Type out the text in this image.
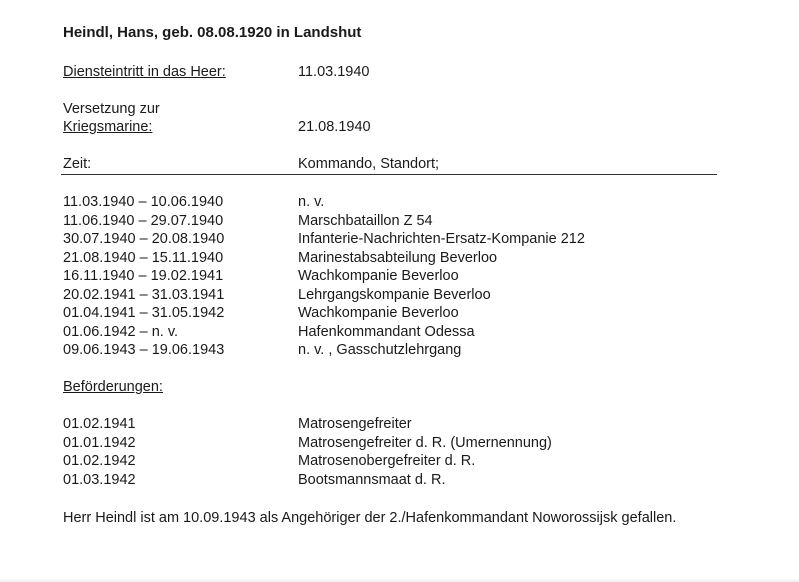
Heindl, Hans, geb. 08.08.1920 in Landshut
Diensteintritt in das Heer:	11.03.1940
Versetzung zur
Kriegsmarine:	21.08.1940
Zeit:	Kommando, Standort;
11.03.1940 – 10.06.1940	n. v.
11.06.1940 – 29.07.1940	Marschbataillon Z 54
30.07.1940 – 20.08.1940	Infanterie-Nachrichten-Ersatz-Kompanie 212
21.08.1940 – 15.11.1940	Marinestabsabteilung Beverloo
16.11.1940 – 19.02.1941	Wachkompanie Beverloo
20.02.1941 – 31.03.1941	Lehrgangskompanie Beverloo
01.04.1941 – 31.05.1942	Wachkompanie Beverloo
01.06.1942 – n. v.	Hafenkommandant Odessa
09.06.1943 – 19.06.1943	n. v. , Gasschutzlehrgang
Beförderungen:
01.02.1941	Matrosengefreiter
01.01.1942	Matrosengefreiter d. R. (Umernennung)
01.02.1942	Matrosenobergefreiter d. R.
01.03.1942	Bootsmannsmaat d. R.
Herr Heindl ist am 10.09.1943 als Angehöriger der 2./Hafenkommandant Noworossijsk gefallen.
